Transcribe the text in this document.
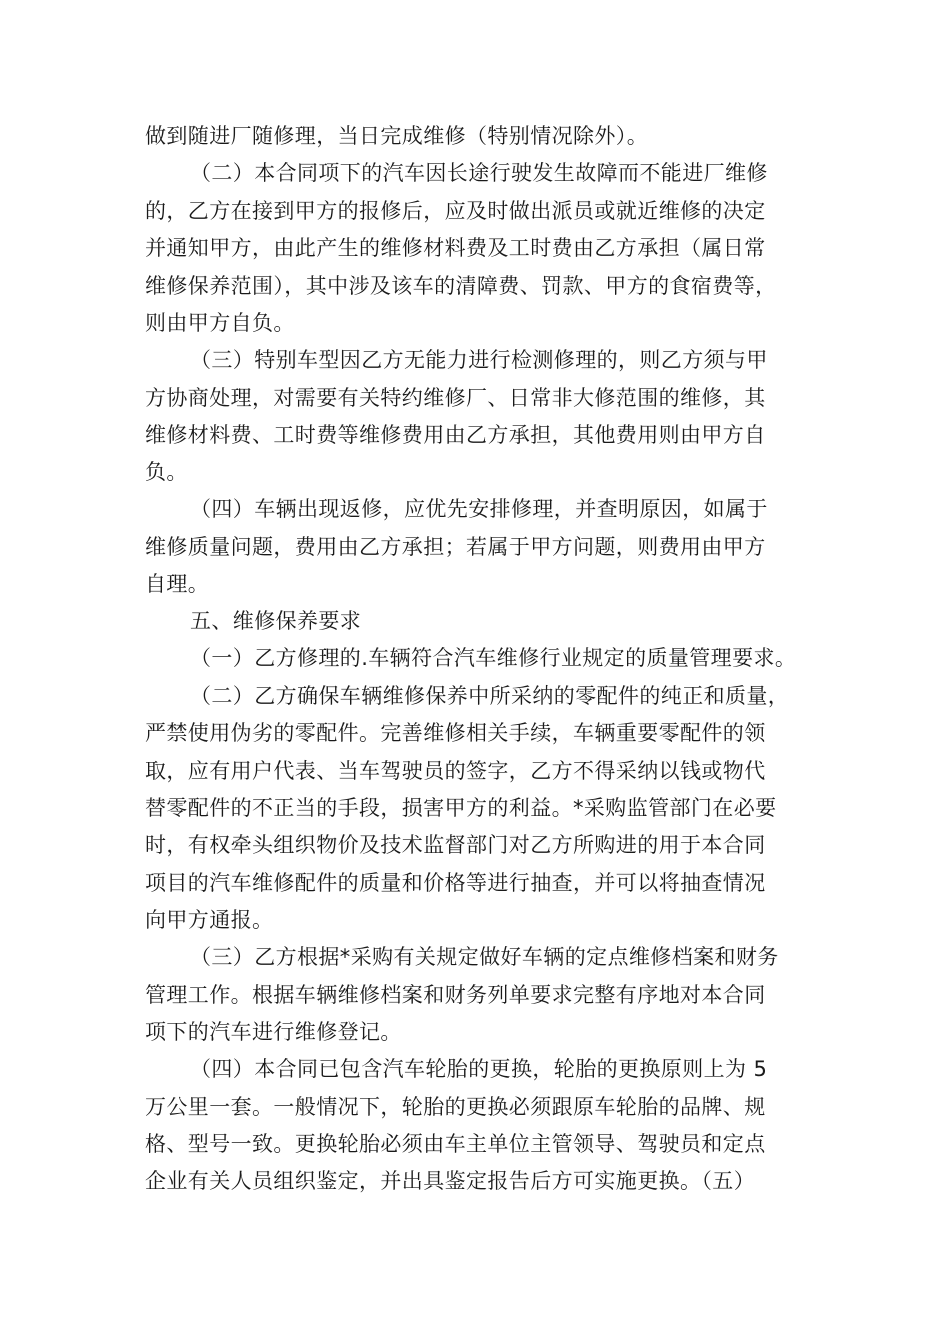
做到随进厂随修理，当日完成维修（特别情况除外）。
（二）本合同项下的汽车因长途行驶发生故障而不能进厂维修
的，乙方在接到甲方的报修后，应及时做出派员或就近维修的决定
并通知甲方，由此产生的维修材料费及工时费由乙方承担（属日常
维修保养范围），其中涉及该车的清障费、罚款、甲方的食宿费等，
则由甲方自负。
（三）特别车型因乙方无能力进行检测修理的，则乙方须与甲
方协商处理，对需要有关特约维修厂、日常非大修范围的维修，其
维修材料费、工时费等维修费用由乙方承担，其他费用则由甲方自
负。
（四）车辆出现返修，应优先安排修理，并查明原因，如属于
维修质量问题，费用由乙方承担；若属于甲方问题，则费用由甲方
自理。
五、维修保养要求
（一）乙方修理的.车辆符合汽车维修行业规定的质量管理要求。
（二）乙方确保车辆维修保养中所采纳的零配件的纯正和质量，
严禁使用伪劣的零配件。完善维修相关手续，车辆重要零配件的领
取，应有用户代表、当车驾驶员的签字，乙方不得采纳以钱或物代
替零配件的不正当的手段，损害甲方的利益。*采购监管部门在必要
时，有权牵头组织物价及技术监督部门对乙方所购进的用于本合同
项目的汽车维修配件的质量和价格等进行抽查，并可以将抽查情况
向甲方通报。
（三）乙方根据*采购有关规定做好车辆的定点维修档案和财务
管理工作。根据车辆维修档案和财务列单要求完整有序地对本合同
项下的汽车进行维修登记。
（四）本合同已包含汽车轮胎的更换，轮胎的更换原则上为 5
万公里一套。一般情况下，轮胎的更换必须跟原车轮胎的品牌、规
格、型号一致。更换轮胎必须由车主单位主管领导、驾驶员和定点
企业有关人员组织鉴定，并出具鉴定报告后方可实施更换。（五）
